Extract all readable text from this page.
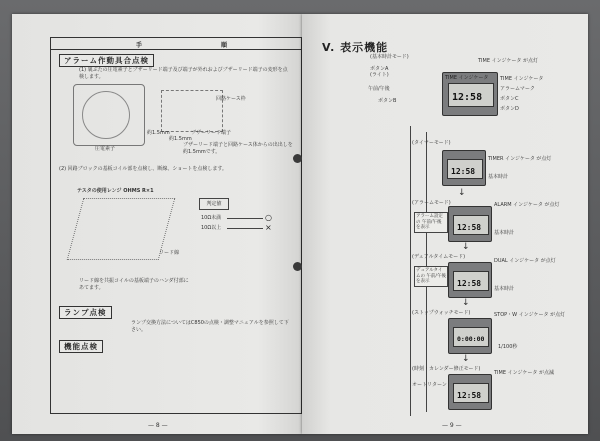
手	順
アラーム作動具合点検
(1) 裏ぶたの圧電素子とブザーリード端子及び端子が外れおよびブザーリード端子の変形を点検します。
圧電素子
回路ケース枠
約1.5mm	ブザーリード端子
約1.5mm
ブザーリード端子と回路ケース体からの出出しを約1.5mmです。
(2) 回路ブロックの基板コイル部を点検し、断線、ショートを点検します。
テスタの使用レンジ OHMS R×1
リード線
判定値
10Ω未満
10Ω以上
○
×
リード線を共振コイルの基板端子のハンダ付部にあてます。
ランプ点検
ランプ交換方法についてはC850の点検・調整マニュアルを参照して下さい。
機能点検
— 8 —
V. 表示機能
(基本時計モード)
ボタンA
(ライト)
午前/午後
ボタンB
TIME インジケータ
12:58
TIME インジケータ が点灯
TIME インジケータ
アラームマーク
ボタンC
ボタンD
(タイマーモード)
12:58
TIMER インジケータ が点灯
基本時計
↓
(アラームモード)
アラーム設定の 午前/午後 を表示	12:58
ALARM インジケータ が点灯
基本時計
↓
(デュアルタイムモード)
デュアルタイムの 午前/午後 を表示	12:58
DUAL インジケータ が点灯
基本時計
↓
(ストップウォッチモード)
0:00:00
STOP・W インジケータ が点灯
1/100秒
↓
(時刻・カレンダー修正モード)
オートリターン
12:58
TIME インジケータ が点滅
— 9 —
